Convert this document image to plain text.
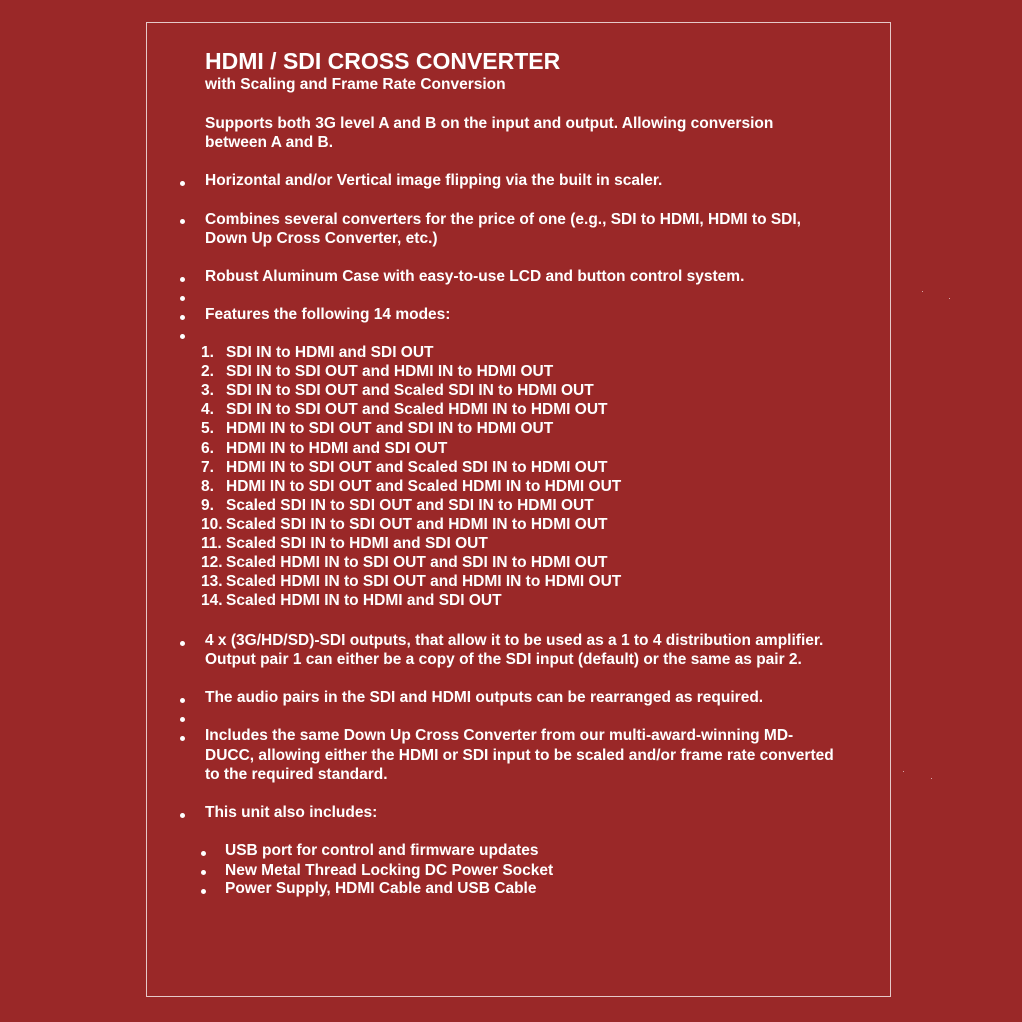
HDMI / SDI CROSS CONVERTER
with Scaling and Frame Rate Conversion
Supports both 3G level A and B on the input and output. Allowing conversion
between A and B.
Horizontal and/or Vertical image flipping via the built in scaler.
Combines several converters for the price of one (e.g., SDI to HDMI, HDMI to SDI,
Down Up Cross Converter, etc.)
Robust Aluminum Case with easy-to-use LCD and button control system.
Features the following 14 modes:
1. SDI IN to HDMI and SDI OUT
2. SDI IN to SDI OUT and HDMI IN to HDMI OUT
3. SDI IN to SDI OUT and Scaled SDI IN to HDMI OUT
4. SDI IN to SDI OUT and Scaled HDMI IN to HDMI OUT
5. HDMI IN to SDI OUT and SDI IN to HDMI OUT
6. HDMI IN to HDMI and SDI OUT
7. HDMI IN to SDI OUT and Scaled SDI IN to HDMI OUT
8. HDMI IN to SDI OUT and Scaled HDMI IN to HDMI OUT
9. Scaled SDI IN to SDI OUT and SDI IN to HDMI OUT
10. Scaled SDI IN to SDI OUT and HDMI IN to HDMI OUT
11. Scaled SDI IN to HDMI and SDI OUT
12. Scaled HDMI IN to SDI OUT and SDI IN to HDMI OUT
13. Scaled HDMI IN to SDI OUT and HDMI IN to HDMI OUT
14. Scaled HDMI IN to HDMI and SDI OUT
4 x (3G/HD/SD)-SDI outputs, that allow it to be used as a 1 to 4 distribution amplifier.
Output pair 1 can either be a copy of the SDI input (default) or the same as pair 2.
The audio pairs in the SDI and HDMI outputs can be rearranged as required.
Includes the same Down Up Cross Converter from our multi-award-winning MD-
DUCC, allowing either the HDMI or SDI input to be scaled and/or frame rate converted
to the required standard.
This unit also includes:
USB port for control and firmware updates
New Metal Thread Locking DC Power Socket
Power Supply, HDMI Cable and USB Cable
